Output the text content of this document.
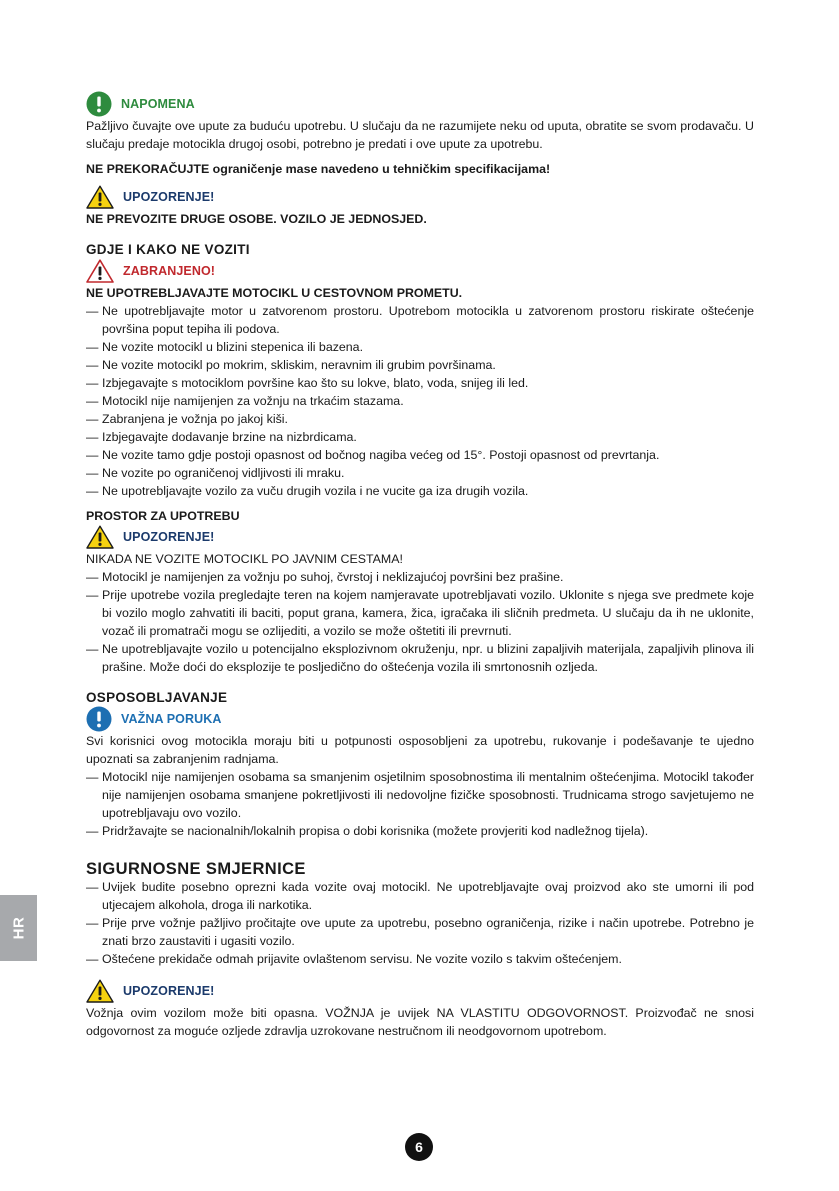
NAPOMENA

Pažljivo čuvajte ove upute za buduću upotrebu. U slučaju da ne razumijete neku od uputa, obratite se svom prodavaču. U slučaju predaje motocikla drugoj osobi, potrebno je predati i ove upute za upotrebu.

NE PREKORAČUJTE ograničenje mase navedeno u tehničkim specifikacijama!

UPOZORENJE!

NE PREVOZITE DRUGE OSOBE. VOZILO JE JEDNOSJED.

GDJE I KAKO NE VOZITI
ZABRANJENO!

NE UPOTREBLJAVAJTE MOTOCIKL U CESTOVNOM PROMETU.

— Ne upotrebljavajte motor u zatvorenom prostoru. Upotrebom motocikla u zatvorenom prostoru riskirate oštećenje površina poput tepiha ili podova.
— Ne vozite motocikl u blizini stepenica ili bazena.
— Ne vozite motocikl po mokrim, skliskim, neravnim ili grubim površinama.
— Izbjegavajte s motociklom površine kao što su lokve, blato, voda, snijeg ili led.
— Motocikl nije namijenjen za vožnju na trkaćim stazama.
— Zabranjena je vožnja po jakoj kiši.
— Izbjegavajte dodavanje brzine na nizbrdicama.
— Ne vozite tamo gdje postoji opasnost od bočnog nagiba većeg od 15°. Postoji opasnost od prevrtanja.
— Ne vozite po ograničenoj vidljivosti ili mraku.
— Ne upotrebljavajte vozilo za vuču drugih vozila i ne vucite ga iza drugih vozila.

PROSTOR ZA UPOTREBU

UPOZORENJE!

NIKADA NE VOZITE MOTOCIKL PO JAVNIM CESTAMA!

— Motocikl je namijenjen za vožnju po suhoj, čvrstoj i neklizajućoj površini bez prašine.
— Prije upotrebe vozila pregledajte teren na kojem namjeravate upotrebljavati vozilo. Uklonite s njega sve predmete koje bi vozilo moglo zahvatiti ili baciti, poput grana, kamera, žica, igračaka ili sličnih predmeta. U slučaju da ih ne uklonite, vozač ili promatrači mogu se ozlijediti, a vozilo se može oštetiti ili prevrnuti.
— Ne upotrebljavajte vozilo u potencijalno eksplozivnom okruženju, npr. u blizini zapaljivih materijala, zapaljivih plinova ili prašine. Može doći do eksplozije te posljedično do oštećenja vozila ili smrtonosnih ozljeda.
OSPOSOBLJAVANJE
VAŽNA PORUKA

Svi korisnici ovog motocikla moraju biti u potpunosti osposobljeni za upotrebu, rukovanje i podešavanje te ujedno upoznati sa zabranjenim radnjama.

— Motocikl nije namijenjen osobama sa smanjenim osjetilnim sposobnostima ili mentalnim oštećenjima. Motocikl također nije namijenjen osobama smanjene pokretljivosti ili nedovoljne fizičke sposobnosti. Trudnicama strogo savjetujemo ne upotrebljavaju ovo vozilo.
— Pridržavajte se nacionalnih/lokalnih propisa o dobi korisnika (možete provjeriti kod nadležnog tijela).
SIGURNOSNE SMJERNICE
— Uvijek budite posebno oprezni kada vozite ovaj motocikl. Ne upotrebljavajte ovaj proizvod ako ste umorni ili pod utjecajem alkohola, droga ili narkotika.
— Prije prve vožnje pažljivo pročitajte ove upute za upotrebu, posebno ograničenja, rizike i način upotrebe. Potrebno je znati brzo zaustaviti i ugasiti vozilo.
— Oštećene prekidače odmah prijavite ovlaštenom servisu. Ne vozite vozilo s takvim oštećenjem.
UPOZORENJE!

Vožnja ovim vozilom može biti opasna. VOŽNJA je uvijek NA VLASTITU ODGOVORNOST. Proizvođač ne snosi odgovornost za moguće ozljede zdravlja uzrokovane nestručnom ili neodgovornom upotrebom.

HR
6
